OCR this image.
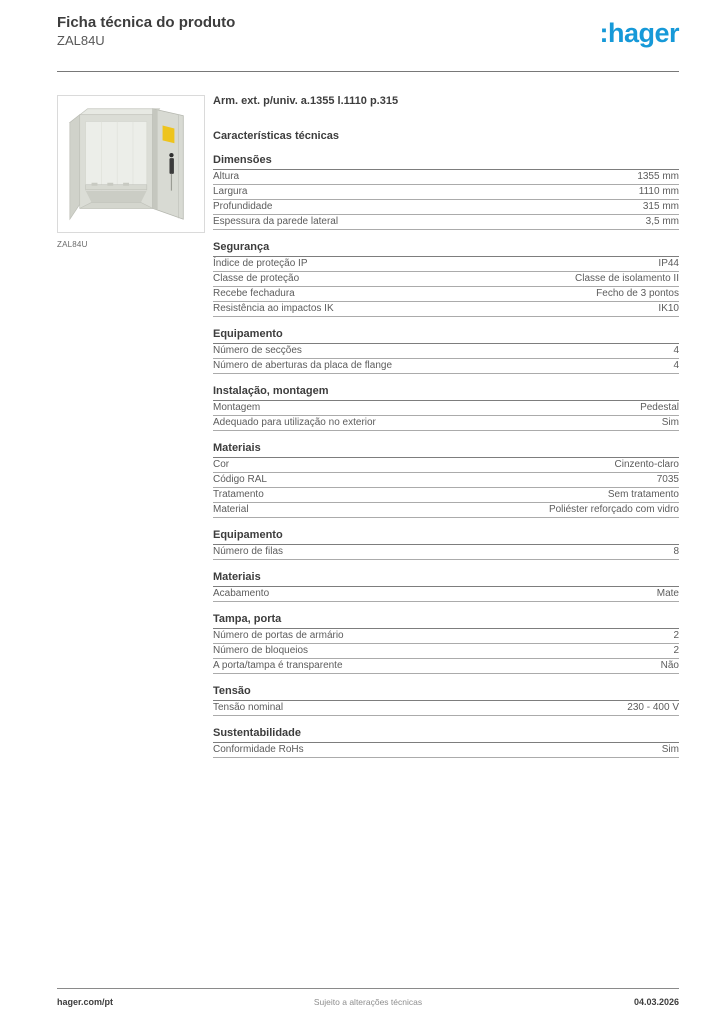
Ficha técnica do produto
ZAL84U	:hager
ZAL84U
Arm. ext. p/univ. a.1355 l.1110 p.315
Características técnicas
Dimensões
Altura	1355 mm
Largura	1110 mm
Profundidade	315 mm
Espessura da parede lateral	3,5 mm
Segurança
Índice de proteção IP	IP44
Classe de proteção	Classe de isolamento II
Recebe fechadura	Fecho de 3 pontos
Resistência ao impactos IK	IK10
Equipamento
Número de secções	4
Número de aberturas da placa de flange	4
Instalação, montagem
Montagem	Pedestal
Adequado para utilização no exterior	Sim
Materiais
Cor	Cinzento-claro
Código RAL	7035
Tratamento	Sem tratamento
Material	Poliéster reforçado com vidro
Equipamento
Número de filas	8
Materiais
Acabamento	Mate
Tampa, porta
Número de portas de armário	2
Número de bloqueios	2
A porta/tampa é transparente	Não
Tensão
Tensão nominal	230 - 400 V
Sustentabilidade
Conformidade RoHs	Sim
hager.com/pt	Sujeito a alterações técnicas	04.03.2026
